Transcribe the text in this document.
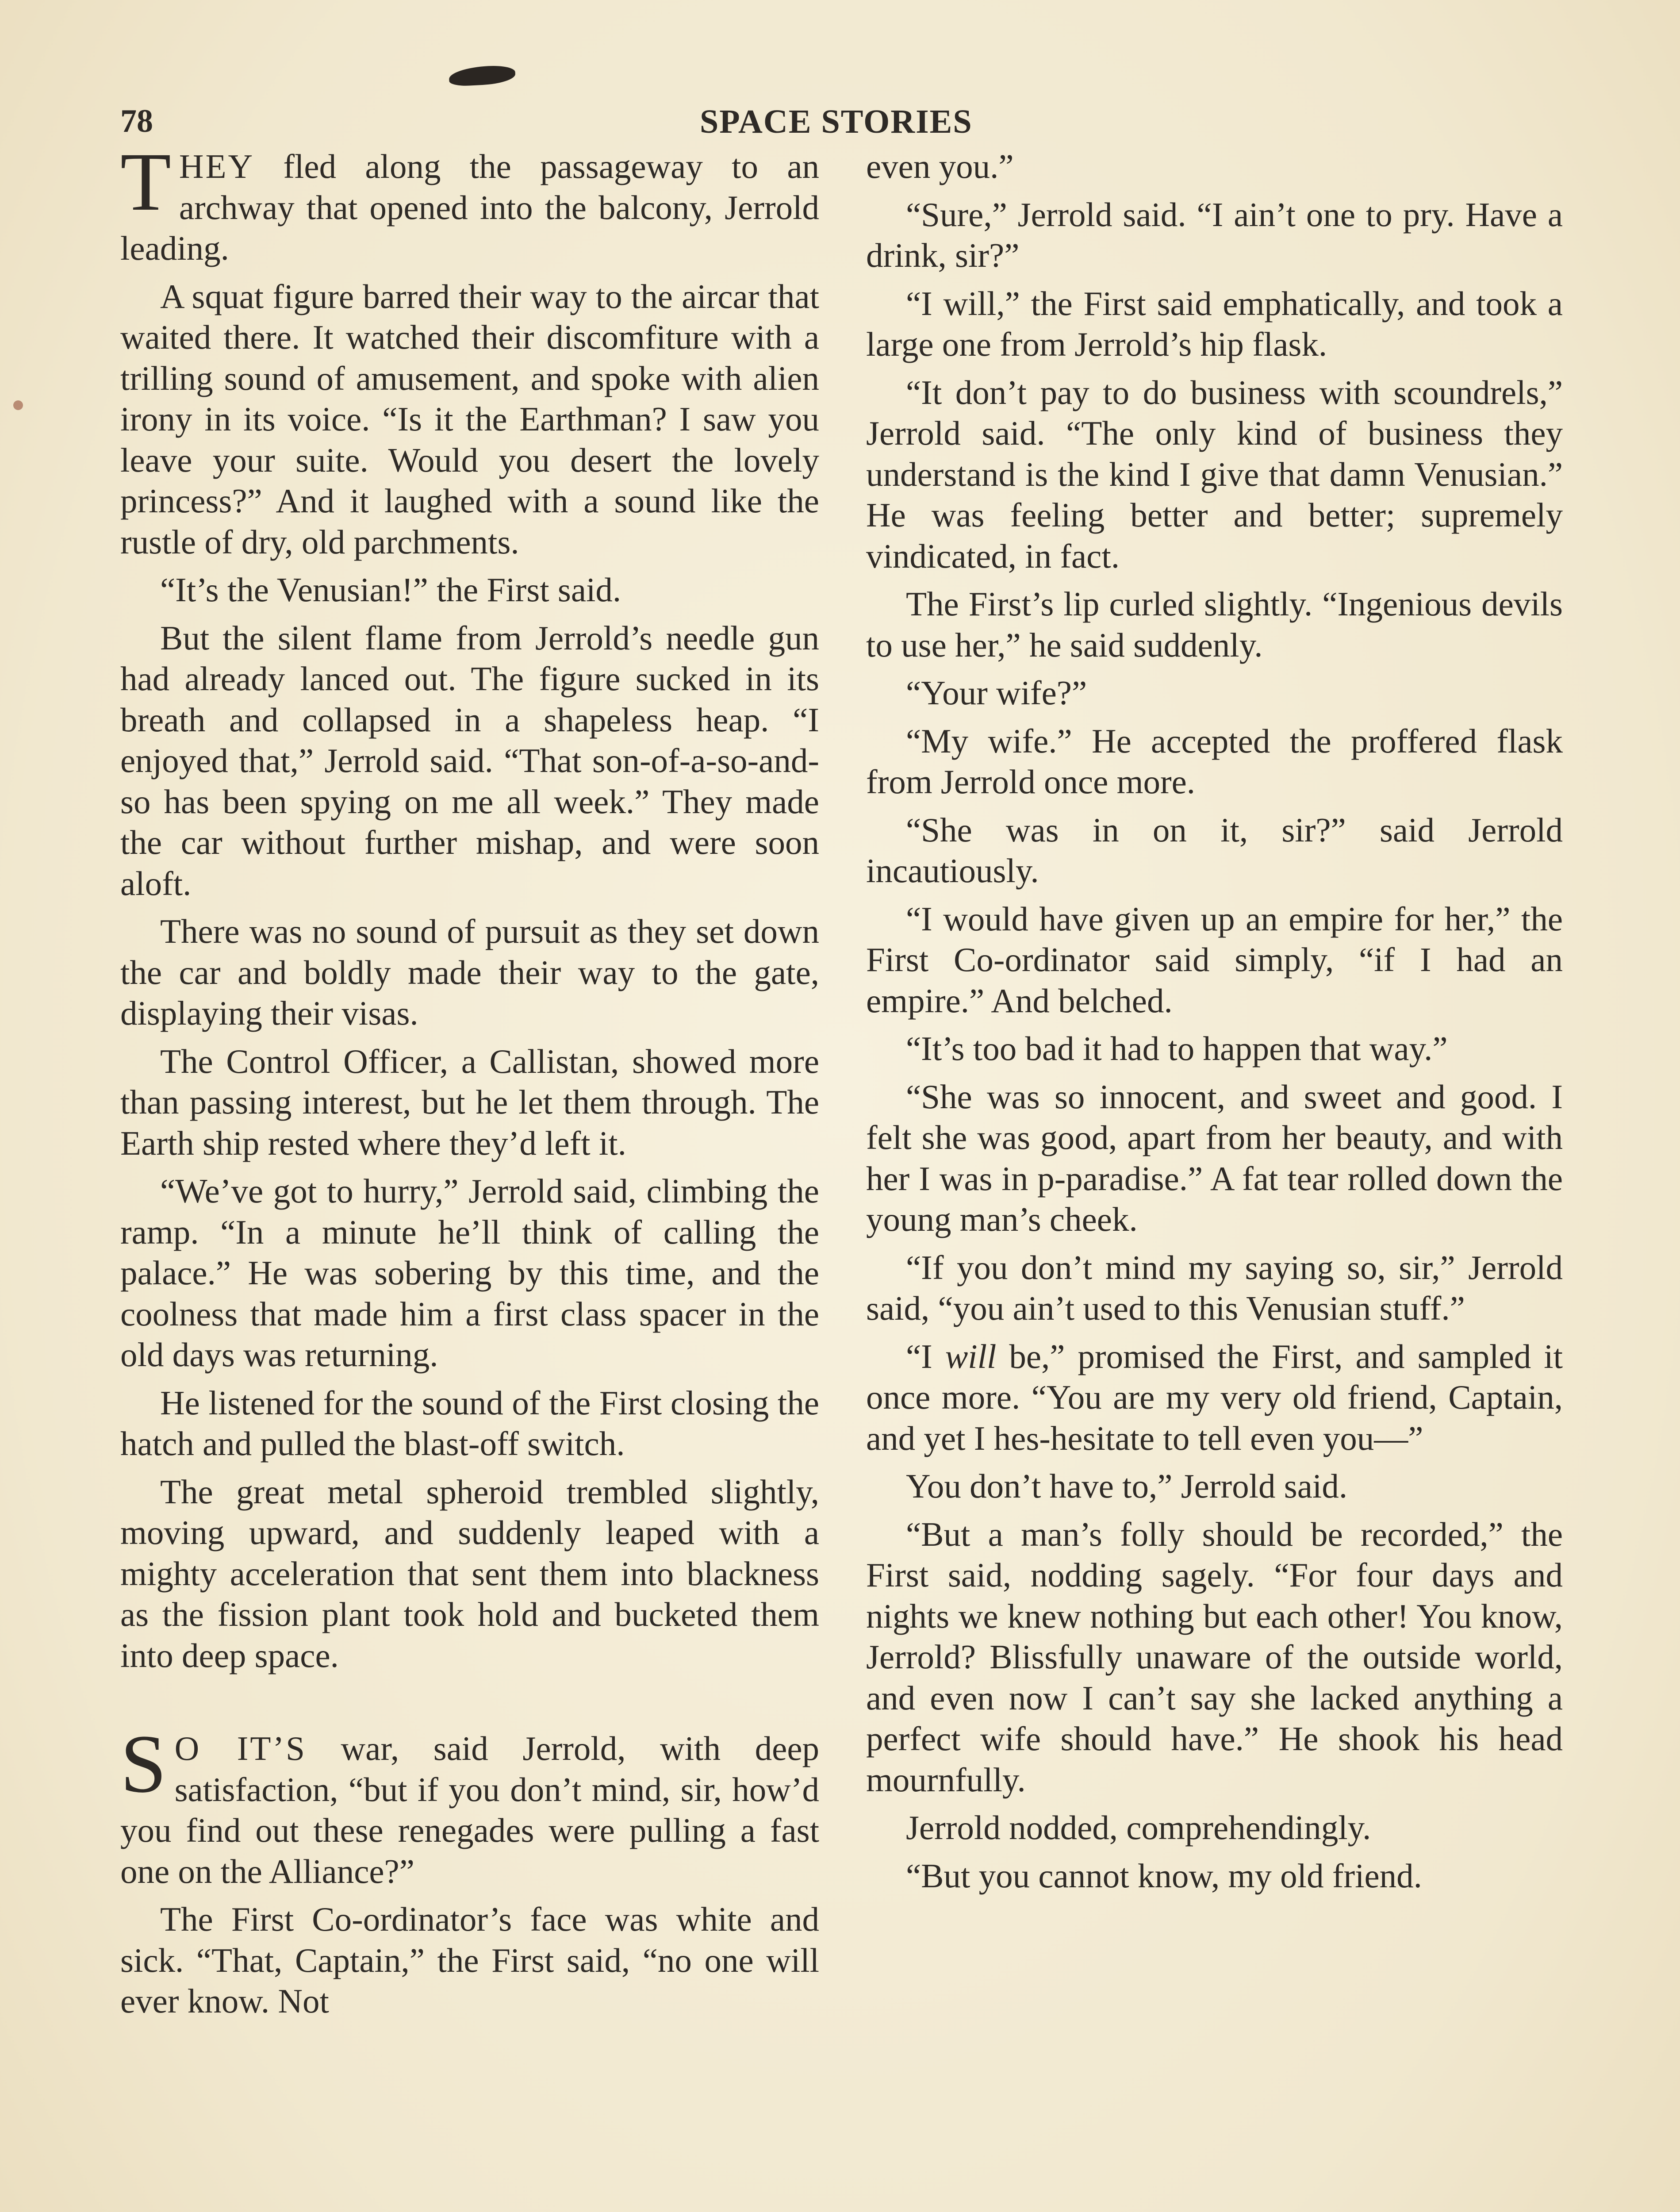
78	SPACE STORIES

THEY fled along the passageway to an archway that opened into the balcony, Jerrold leading.

A squat figure barred their way to the aircar that waited there. It watched their discomfiture with a trilling sound of amusement, and spoke with alien irony in its voice. “Is it the Earthman? I saw you leave your suite. Would you desert the lovely princess?” And it laughed with a sound like the rustle of dry, old parchments.

“It’s the Venusian!” the First said.

But the silent flame from Jerrold’s needle gun had already lanced out. The figure sucked in its breath and collapsed in a shapeless heap. “I enjoyed that,” Jerrold said. “That son-of-a-so-and-so has been spying on me all week.” They made the car without further mishap, and were soon aloft.

There was no sound of pursuit as they set down the car and boldly made their way to the gate, displaying their visas.

The Control Officer, a Callistan, showed more than passing interest, but he let them through. The Earth ship rested where they’d left it.

“We’ve got to hurry,” Jerrold said, climbing the ramp. “In a minute he’ll think of calling the palace.” He was sobering by this time, and the coolness that made him a first class spacer in the old days was returning.

He listened for the sound of the First closing the hatch and pulled the blast-off switch.

The great metal spheroid trembled slightly, moving upward, and suddenly leaped with a mighty acceleration that sent them into blackness as the fission plant took hold and bucketed them into deep space.

S O IT’S war, said Jerrold, with deep satisfaction, “but if you don’t mind, sir, how’d you find out these renegades were pulling a fast one on the Alliance?”

The First Co-ordinator’s face was white and sick. “That, Captain,” the First said, “no one will ever know. Not

even you.”

“Sure,” Jerrold said. “I ain’t one to pry. Have a drink, sir?”

“I will,” the First said emphatically, and took a large one from Jerrold’s hip flask.

“It don’t pay to do business with scoundrels,” Jerrold said. “The only kind of business they understand is the kind I give that damn Venusian.” He was feeling better and better; supremely vindicated, in fact.

The First’s lip curled slightly. “Ingenious devils to use her,” he said suddenly.

“Your wife?”

“My wife.” He accepted the proffered flask from Jerrold once more.

“She was in on it, sir?” said Jerrold incautiously.

“I would have given up an empire for her,” the First Co-ordinator said simply, “if I had an empire.” And belched.

“It’s too bad it had to happen that way.”

“She was so innocent, and sweet and good. I felt she was good, apart from her beauty, and with her I was in p-paradise.” A fat tear rolled down the young man’s cheek.

“If you don’t mind my saying so, sir,” Jerrold said, “you ain’t used to this Venusian stuff.”

“I will be,” promised the First, and sampled it once more. “You are my very old friend, Captain, and yet I hes-hesitate to tell even you—”

You don’t have to,” Jerrold said.

“But a man’s folly should be recorded,” the First said, nodding sagely. “For four days and nights we knew nothing but each other! You know, Jerrold? Blissfully unaware of the outside world, and even now I can’t say she lacked anything a perfect wife should have.” He shook his head mournfully.

Jerrold nodded, comprehendingly.

“But you cannot know, my old friend.
